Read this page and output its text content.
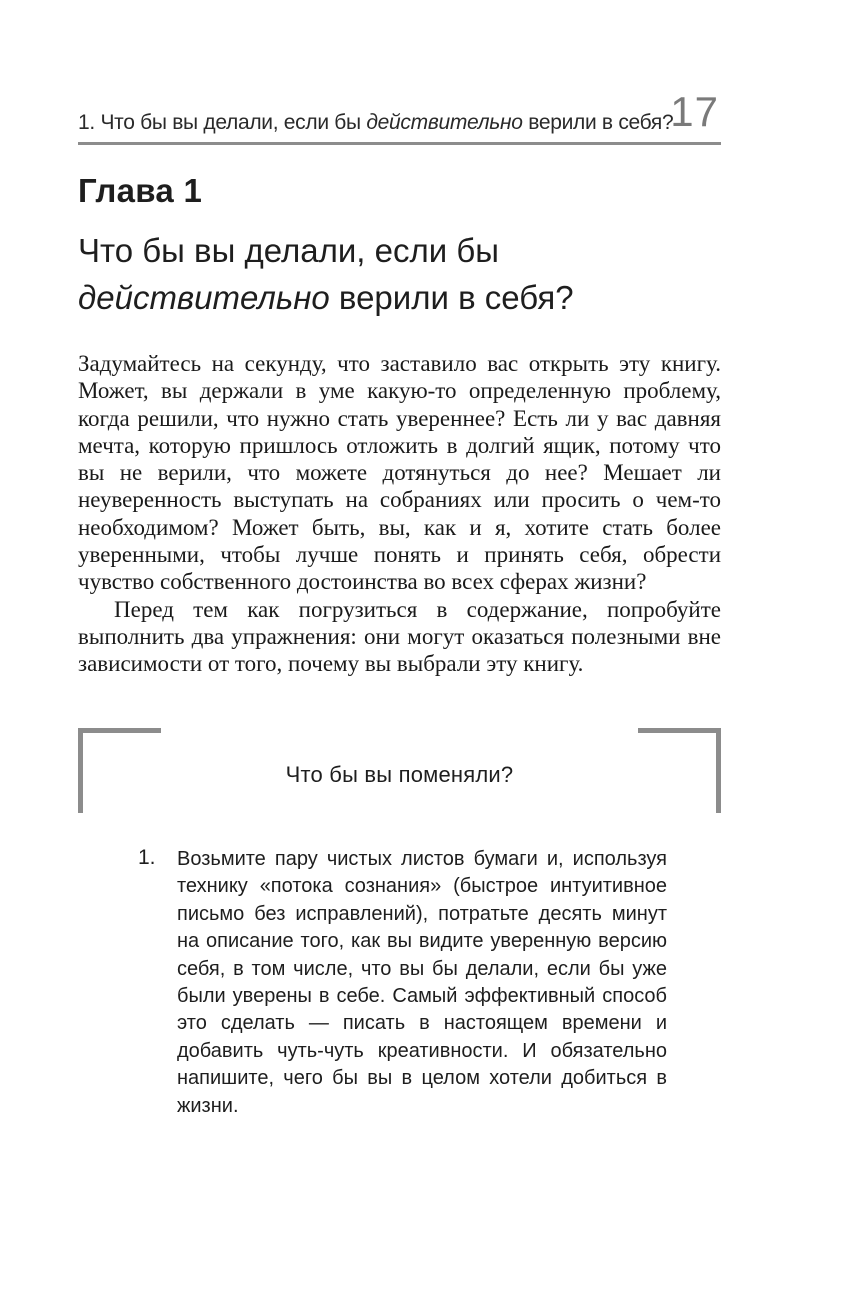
1. Что бы вы делали, если бы действительно верили в себя?
17
Глава 1
Что бы вы делали, если бы
действительно верили в себя?

Задумайтесь на секунду, что заставило вас открыть эту книгу. Может, вы держали в уме какую-то определенную проблему, когда решили, что нужно стать увереннее? Есть ли у вас давняя мечта, которую пришлось отложить в долгий ящик, потому что вы не верили, что можете дотянуться до нее? Мешает ли неуверенность выступать на собраниях или просить о чем-то необходимом? Может быть, вы, как и я, хотите стать более уверенными, чтобы лучше понять и принять себя, обрести чувство собственного достоинства во всех сферах жизни?

Перед тем как погрузиться в содержание, попробуйте выполнить два упражнения: они могут оказаться полезными вне зависимости от того, почему вы выбрали эту книгу.

Что бы вы поменяли?
1. Возьмите пару чистых листов бумаги и, используя технику «потока сознания» (быстрое интуитивное письмо без исправлений), потратьте десять минут на описание того, как вы видите уверенную версию себя, в том числе, что вы бы делали, если бы уже были уверены в себе. Самый эффективный способ это сделать — писать в настоящем времени и добавить чуть-чуть креативности. И обязательно напишите, чего бы вы в целом хотели добиться в жизни.
